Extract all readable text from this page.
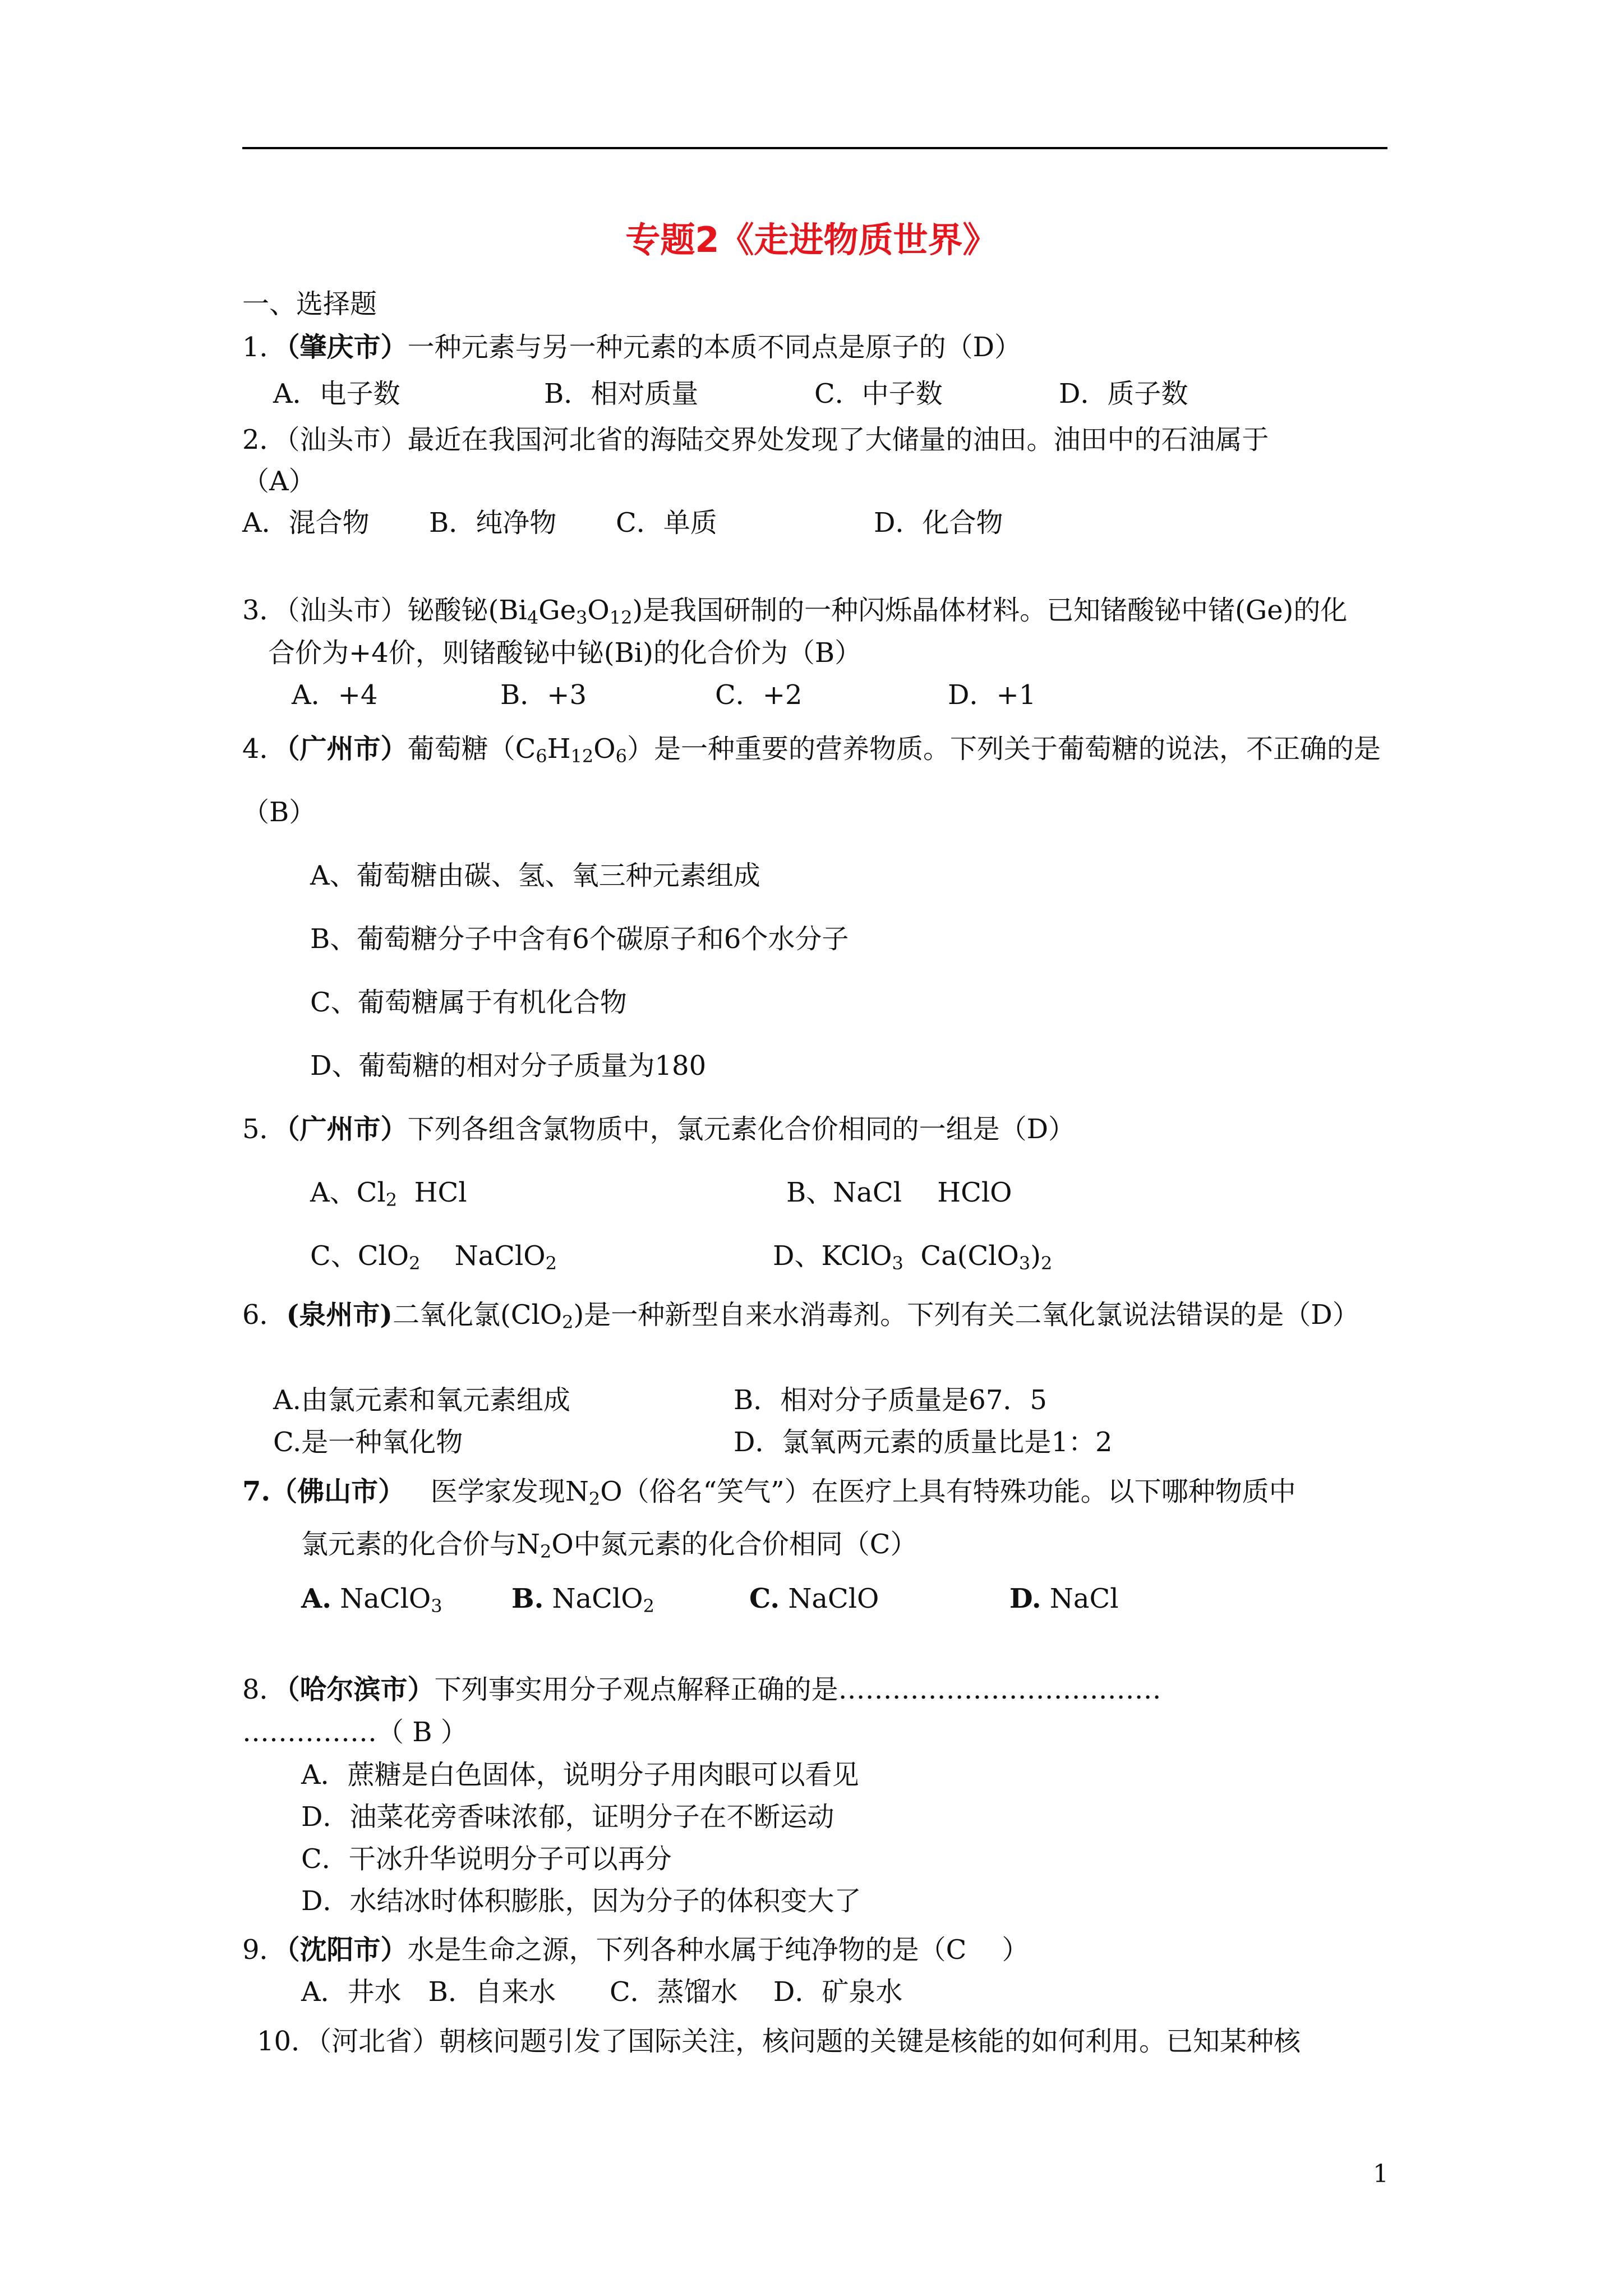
专题2《走进物质世界》
一、选择题
1．（肇庆市）一种元素与另一种元素的本质不同点是原子的（D）
A．电子数	B．相对质量	C．中子数	D．质子数
2．（汕头市）最近在我国河北省的海陆交界处发现了大储量的油田。油田中的石油属于
（A）
A．混合物 B．纯净物 C．单质	D．化合物
3．（汕头市）铋酸铋$(Bi_4Ge_3O_{12})$是我国研制的一种闪烁晶体材料。已知锗酸铋中锗(Ge)的化
合价为+4价，则锗酸铋中铋(Bi)的化合价为（B）
A．+4	B．+3	C．+2	D．+1
4．（广州市）葡萄糖$(C_6H_{12}O_6)$是一种重要的营养物质。下列关于葡萄糖的说法，不正确的是
（B）
A、葡萄糖由碳、氢、氧三种元素组成
B、葡萄糖分子中含有6个碳原子和6个水分子
C、葡萄糖属于有机化合物
D、葡萄糖的相对分子质量为180
5．（广州市）下列各组含氯物质中，氯元素化合价相同的一组是（D）
A、$Cl_2$ HCl	B、NaCl　 HClO
C、ClO$_2$ NaClO$_2$	D、KClO$_3$ $Ca(ClO_3)_2$
6．(泉州市)二氧化氯(ClO$_2$)是一种新型自来水消毒剂。下列有关二氧化氯说法错误的是（D）
A.由氯元素和氧元素组成	B．相对分子质量是67．5
C.是一种氧化物	D．氯氧两元素的质量比是1：2
7.（佛山市） 医学家发现$N_2O$（俗名“笑气”）在医疗上具有特殊功能。以下哪种物质中
氯元素的化合价与$N_2O$中氮元素的化合价相同（C）
A. NaClO$_3$	B. NaClO$_2$	C. NaClO	D. NaCl
8．（哈尔滨市）下列事实用分子观点解释正确的是………………………………
……………（ B ）
A．蔗糖是白色固体，说明分子用肉眼可以看见
D．油菜花旁香味浓郁，证明分子在不断运动
C．干冰升华说明分子可以再分
D．水结冰时体积膨胀，因为分子的体积变大了
9．（沈阳市）水是生命之源，下列各种水属于纯净物的是（C　 ）
A．井水　B．自来水　　C．蒸馏水　 D．矿泉水
10．（河北省）朝核问题引发了国际关注，核问题的关键是核能的如何利用。已知某种核
1
